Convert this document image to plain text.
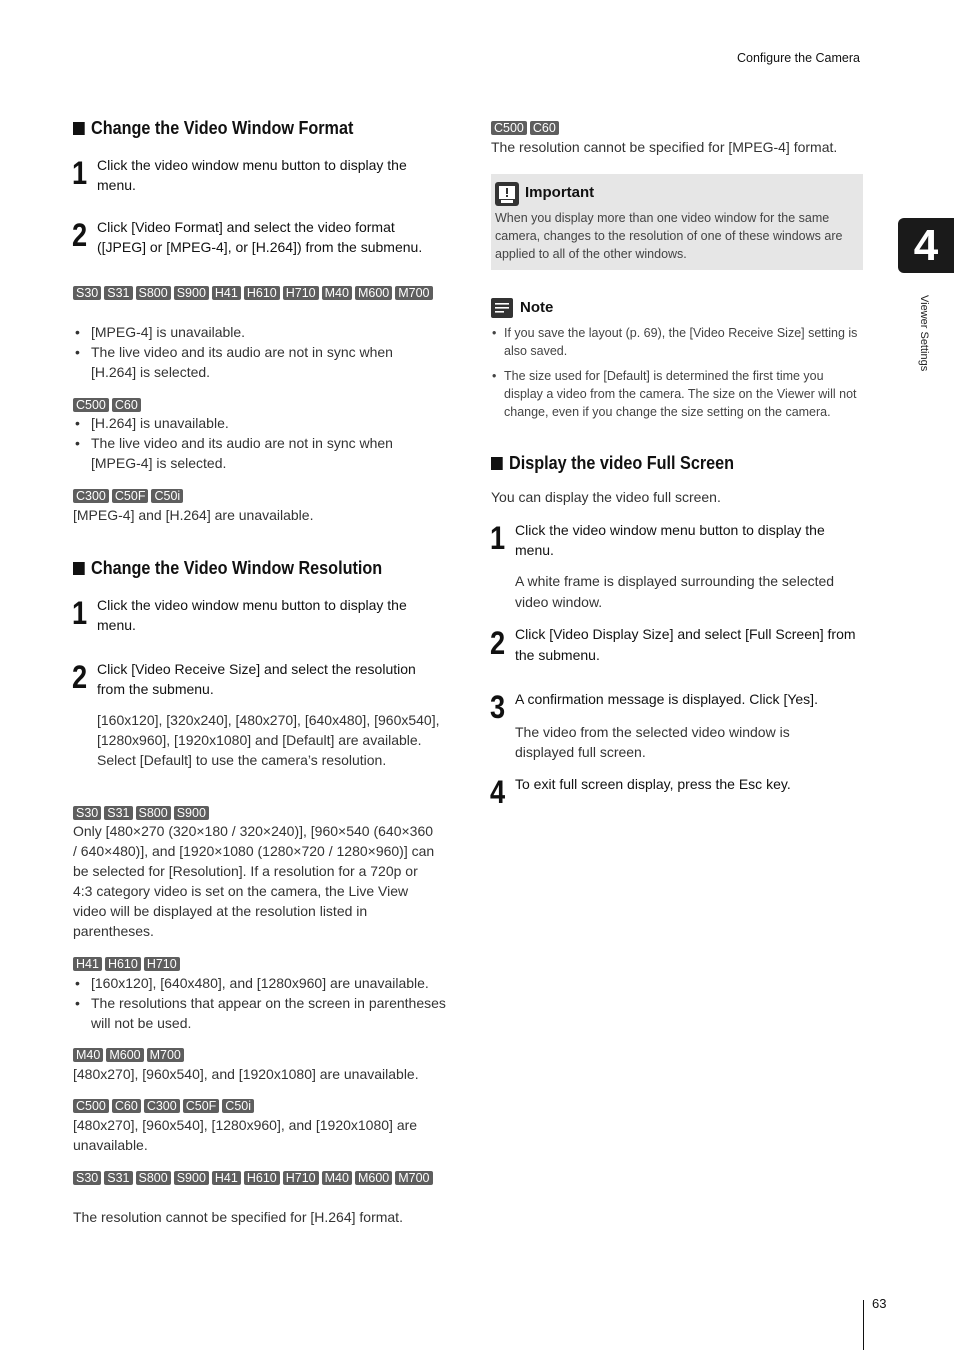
Configure the Camera
4
Viewer Settings
63
Change the Video Window Format
1 Click the video window menu button to display the menu.
2 Click [Video Format] and select the video format ([JPEG] or [MPEG-4], or [H.264]) from the submenu.
S30 S31 S800 S900 H41 H610 H710 M40 M600 M700
• [MPEG-4] is unavailable.
• The live video and its audio are not in sync when [H.264] is selected.
C500 C60
• [H.264] is unavailable.
• The live video and its audio are not in sync when [MPEG-4] is selected.
C300 C50F C50i
[MPEG-4] and [H.264] are unavailable.
Change the Video Window Resolution
1 Click the video window menu button to display the menu.
2 Click [Video Receive Size] and select the resolution from the submenu.
[160x120], [320x240], [480x270], [640x480], [960x540], [1280x960], [1920x1080] and [Default] are available. Select [Default] to use the camera’s resolution.
S30 S31 S800 S900
Only [480×270 (320×180 / 320×240)], [960×540 (640×360 / 640×480)], and [1920×1080 (1280×720 / 1280×960)] can be selected for [Resolution]. If a resolution for a 720p or 4:3 category video is set on the camera, the Live View video will be displayed at the resolution listed in parentheses.
H41 H610 H710
• [160x120], [640x480], and [1280x960] are unavailable.
• The resolutions that appear on the screen in parentheses will not be used.
M40 M600 M700
[480x270], [960x540], and [1920x1080] are unavailable.
C500 C60 C300 C50F C50i
[480x270], [960x540], [1280x960], and [1920x1080] are unavailable.
S30 S31 S800 S900 H41 H610 H710 M40 M600 M700
The resolution cannot be specified for [H.264] format.
C500 C60
The resolution cannot be specified for [MPEG-4] format.
Important
When you display more than one video window for the same camera, changes to the resolution of one of these windows are applied to all of the other windows.
Note
• If you save the layout (p. 69), the [Video Receive Size] setting is also saved.
• The size used for [Default] is determined the first time you display a video from the camera. The size on the Viewer will not change, even if you change the size setting on the camera.
Display the video Full Screen
You can display the video full screen.
1 Click the video window menu button to display the menu.
A white frame is displayed surrounding the selected video window.
2 Click [Video Display Size] and select [Full Screen] from the submenu.
3 A confirmation message is displayed. Click [Yes].
The video from the selected video window is displayed full screen.
4 To exit full screen display, press the Esc key.
